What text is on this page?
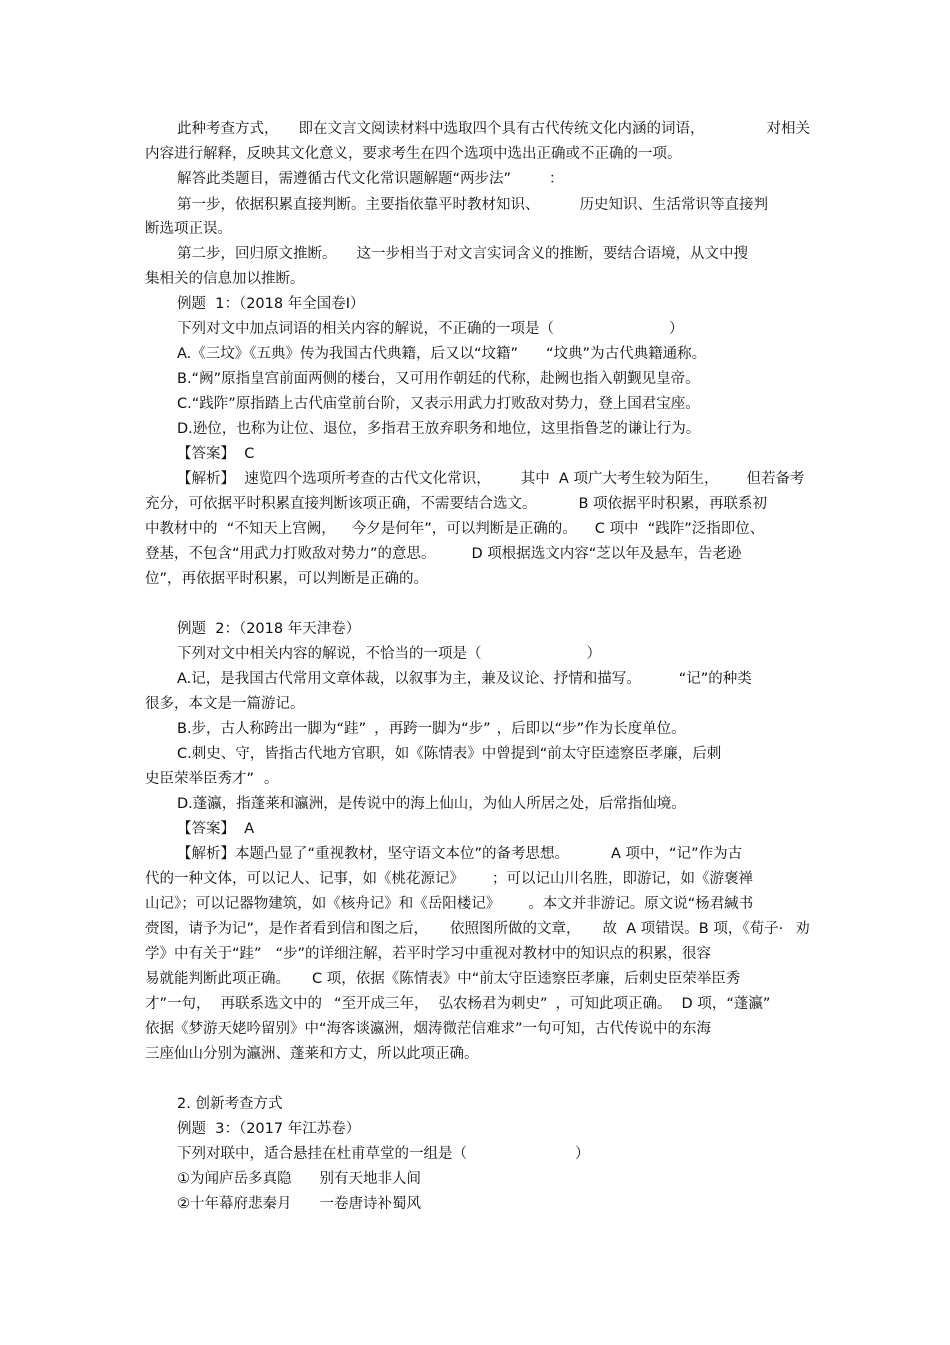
此种考查方式， 即在文言文阅读材料中选取四个具有古代传统文化内涵的词语，	对相关

内容进行解释，反映其文化意义，要求考生在四个选项中选出正确或不正确的一项。

解答此类题目，需遵循古代文化常识题解题“两步法”	：

第一步，依据积累直接判断。主要指依靠平时教材知识、	历史知识、生活常识等直接判

断选项正误。

第二步，回归原文推断。 这一步相当于对文言实词含义的推断，要结合语境，从文中搜

集相关的信息加以推断。

例题  1：（2018 年全国卷Ⅰ）

下列对文中加点词语的相关内容的解说，不正确的一项是（	）

A.《三坟》《五典》传为我国古代典籍，后又以“坟籍” “坟典”为古代典籍通称。

B.“阙”原指皇宫前面两侧的楼台，又可用作朝廷的代称，赴阙也指入朝觐见皇帝。

C.“践阼”原指踏上古代庙堂前台阶，又表示用武力打败敌对势力，登上国君宝座。

D.逊位，也称为让位、退位，多指君王放弃职务和地位，这里指鲁芝的谦让行为。

【答案】  C

【解析】  速览四个选项所考查的古代文化常识， 其中  A 项广大考生较为陌生， 但若备考

充分，可依据平时积累直接判断该项正确，不需要结合选文。	B 项依据平时积累，再联系初

中教材中的  “不知天上宫阙， 今夕是何年”，可以判断是正确的。 C 项中  “践阼”泛指即位、

登基，不包含“用武力打败敌对势力”的意思。 D 项根据选文内容“芝以年及悬车，告老逊

位”，再依据平时积累，可以判断是正确的。

例题  2：（2018 年天津卷）

下列对文中相关内容的解说，不恰当的一项是（	）

A.记，是我国古代常用文章体裁，以叙事为主，兼及议论、抒情和描写。	“记”的种类

很多，本文是一篇游记。

B.步，古人称跨出一脚为“跬” ，再跨一脚为“步” ，后即以“步”作为长度单位。

C.刺史、守，皆指古代地方官职，如《陈情表》中曾提到“前太守臣逵察臣孝廉，后刺

史臣荣举臣秀才” 。

D.蓬瀛，指蓬莱和瀛洲，是传说中的海上仙山，为仙人所居之处，后常指仙境。

【答案】  A

【解析】本题凸显了“重视教材，坚守语文本位”的备考思想。	A 项中，“记”作为古

代的一种文体，可以记人、记事，如《桃花源记》 ；可以记山川名胜，即游记，如《游褒禅

山记》；可以记器物建筑，如《核舟记》和《岳阳楼记》 。本文并非游记。原文说“杨君緘书

赍图，请予为记”，是作者看到信和图之后， 依照图所做的文章， 故  A 项错误。B 项，《荀子· 劝

学》中有关于“跬” “步”的详细注解，若平时学习中重视对教材中的知识点的积累，很容

易就能判断此项正确。 C 项，依据《陈情表》中“前太守臣逵察臣孝廉，后刺史臣荣举臣秀

才”一句， 再联系选文中的 “至开成三年， 弘农杨君为刺史” ，可知此项正确。 D 项，“蓬瀛”

依据《梦游天姥吟留别》中“海客谈瀛洲，烟涛微茫信难求”一句可知，古代传说中的东海

三座仙山分别为瀛洲、蓬莱和方丈，所以此项正确。

2. 创新考查方式

例题  3：（2017 年江苏卷）

下列对联中，适合悬挂在杜甫草堂的一组是（	）

①为闻庐岳多真隐 别有天地非人间

②十年幕府悲秦月 一卷唐诗补蜀风
